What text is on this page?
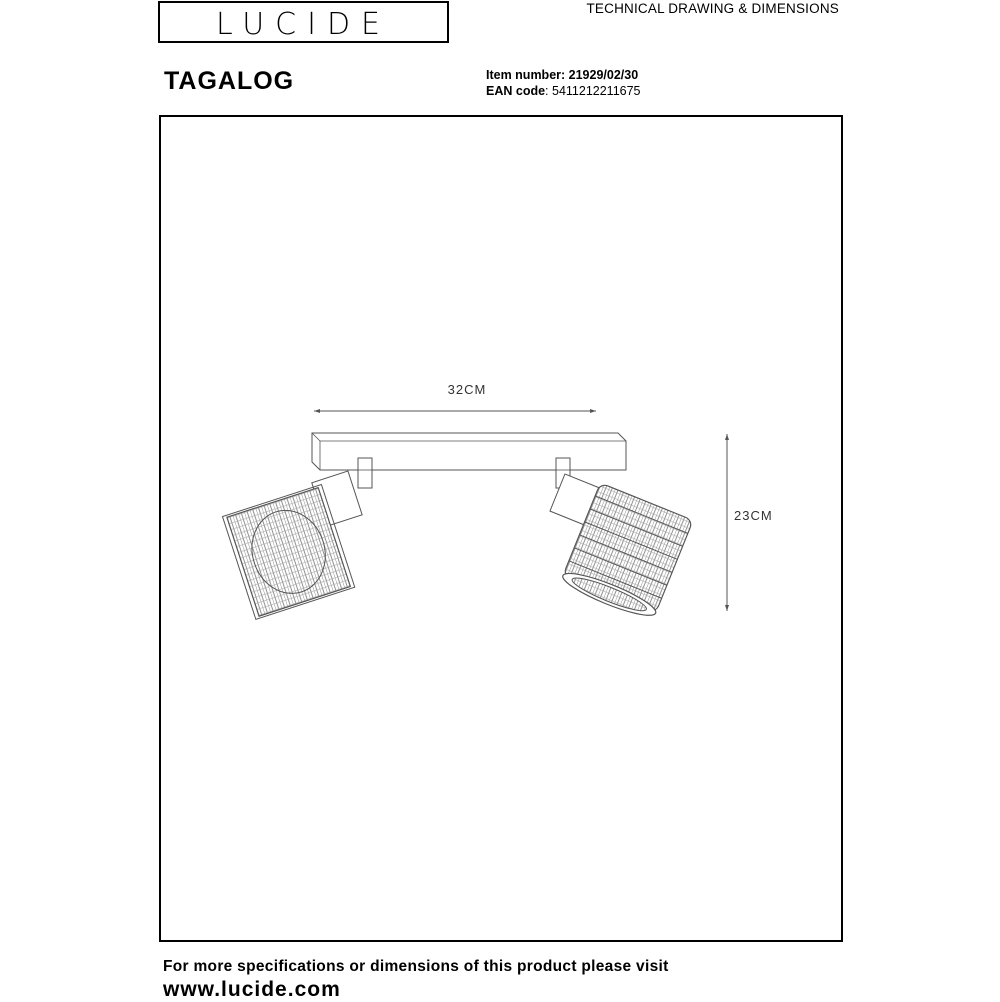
LUCIDE	TECHNICAL DRAWING & DIMENSIONS
TAGALOG	Item number: 21929/02/30
EAN code: 5411212211675
32CM
23CM
For more specifications or dimensions of this product please visit
www.lucide.com
